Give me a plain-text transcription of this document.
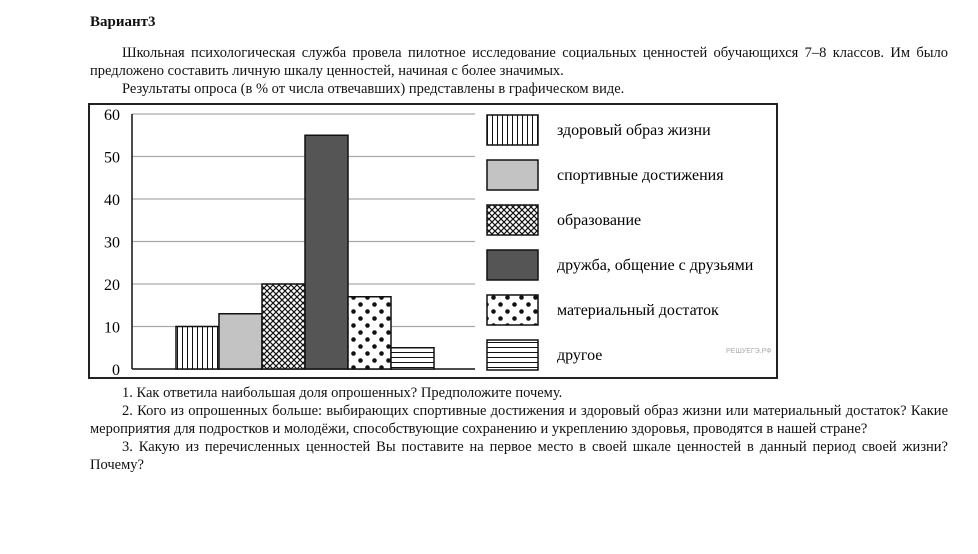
Вариант3
Школьная психологическая служба провела пилотное исследование социальных ценностей обучающихся 7–8 классов. Им было предложено составить личную шкалу ценностей, начиная с более значимых.
Результаты опроса (в % от числа отвечавших) представлены в графическом виде.
0
10
20
30
40
50
60
здоровый образ жизни
спортивные достижения
образование
дружба, общение с друзьями
материальный достаток
другое	РЕШУЕГЭ.РФ
1. Как ответила наибольшая доля опрошенных? Предположите почему.
2. Кого из опрошенных больше: выбирающих спортивные достижения и здоровый образ жизни или материальный достаток? Какие мероприятия для подростков и молодёжи, способствующие сохранению и укреплению здоровья, проводятся в нашей стране?
3. Какую из перечисленных ценностей Вы поставите на первое место в своей шкале ценностей в данный период своей жизни? Почему?
